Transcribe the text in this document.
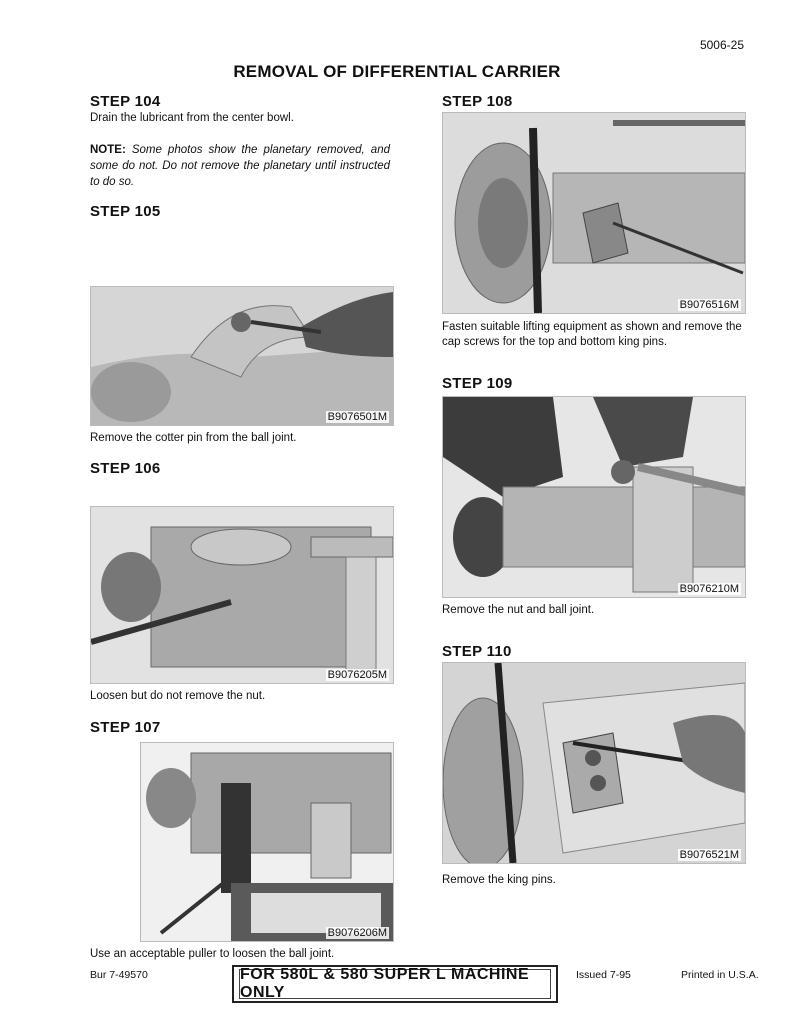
5006-25
REMOVAL OF DIFFERENTIAL CARRIER
STEP 104
Drain the lubricant from the center bowl.
NOTE: Some photos show the planetary removed, and some do not. Do not remove the planetary until instructed to do so.
STEP 105
B9076501M
Remove the cotter pin from the ball joint.
STEP 106
B9076205M
Loosen but do not remove the nut.
STEP 107
B9076206M
Use an acceptable puller to loosen the ball joint.
STEP 108
B9076516M
Fasten suitable lifting equipment as shown and remove the cap screws for the top and bottom king pins.
STEP 109
B9076210M
Remove the nut and ball joint.
STEP 110
B9076521M
Remove the king pins.
Bur 7-49570	FOR 580L & 580 SUPER L MACHINE ONLY
Issued 7-95	Printed in U.S.A.
